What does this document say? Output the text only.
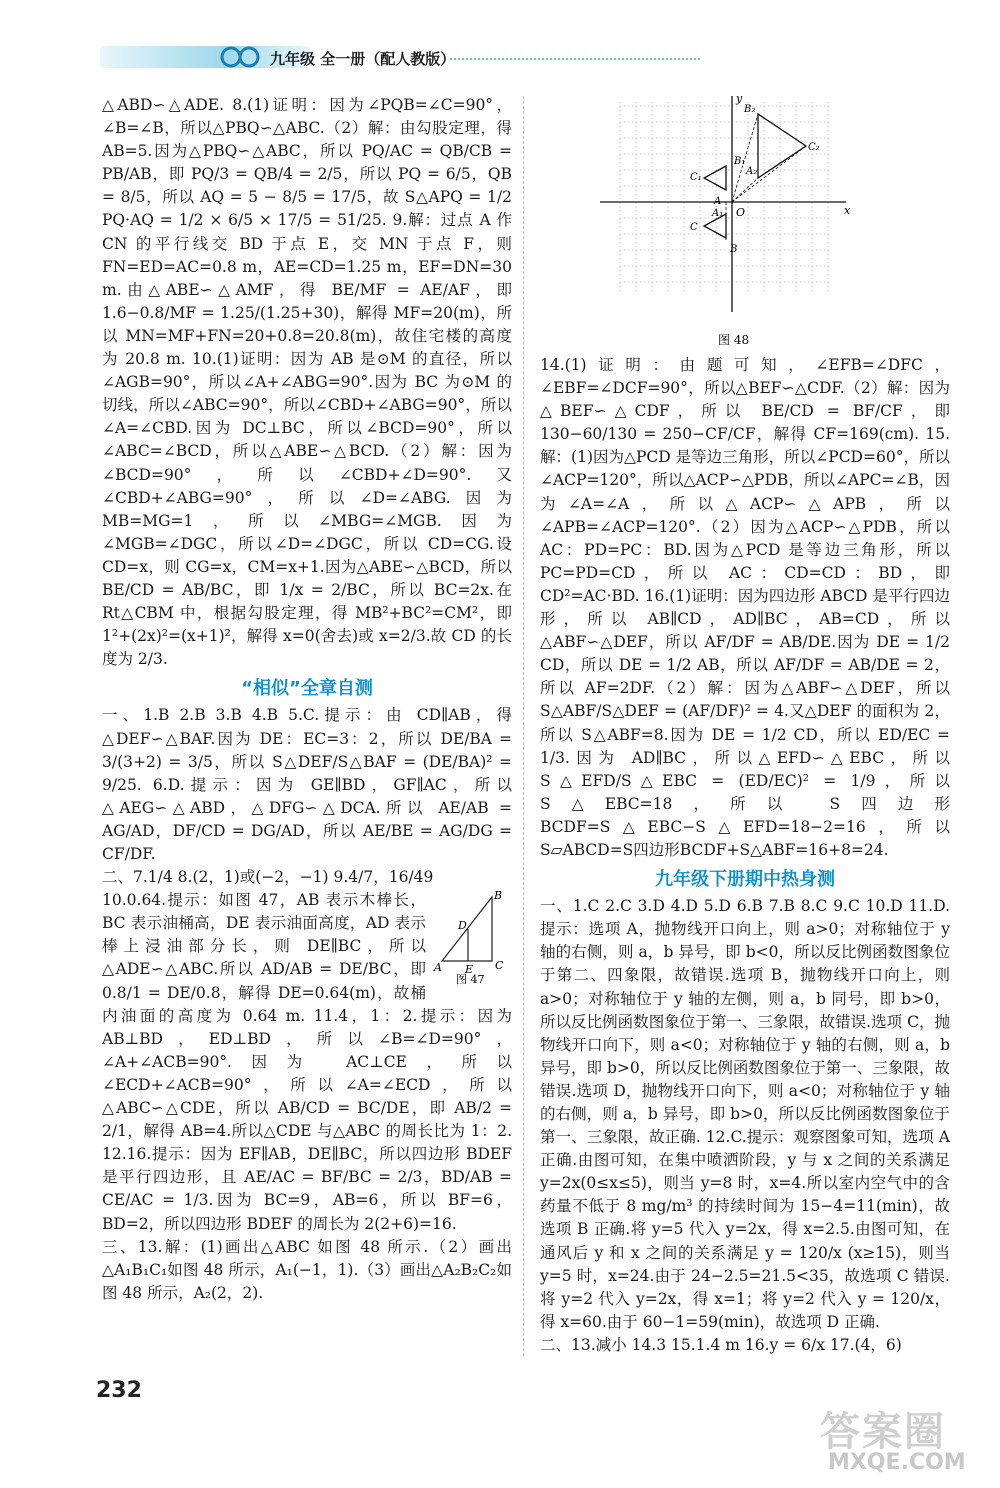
九年级 全一册（配人教版）

△ABD∽△ADE. 8.(1)证明：因为∠PQB=∠C=90°，∠B=∠B，所以△PBQ∽△ABC.（2）解：由勾股定理，得 AB=5.因为△PBQ∽△ABC，所以 PQ/AC = QB/CB = PB/AB，即 PQ/3 = QB/4 = 2/5，所以 PQ = 6/5，QB = 8/5，所以 AQ = 5 − 8/5 = 17/5，故 S△APQ = 1/2 PQ·AQ = 1/2 × 6/5 × 17/5 = 51/25. 9.解：过点 A 作 CN 的平行线交 BD 于点 E，交 MN 于点 F，则 FN=ED=AC=0.8 m，AE=CD=1.25 m，EF=DN=30 m.由△ABE∽△AMF，得 BE/MF = AE/AF，即 1.6−0.8/MF = 1.25/(1.25+30)，解得 MF=20(m)，所以 MN=MF+FN=20+0.8=20.8(m)，故住宅楼的高度为 20.8 m. 10.(1)证明：因为 AB 是⊙M 的直径，所以∠AGB=90°，所以∠A+∠ABG=90°.因为 BC 为⊙M 的切线，所以∠ABC=90°，所以∠CBD+∠ABG=90°，所以∠A=∠CBD.因为 DC⊥BC，所以∠BCD=90°，所以∠ABC=∠BCD，所以△ABE∽△BCD.（2）解：因为∠BCD=90°，所以∠CBD+∠D=90°.又∠CBD+∠ABG=90°，所以∠D=∠ABG.因为 MB=MG=1，所以∠MBG=∠MGB.因为∠MGB=∠DGC，所以∠D=∠DGC，所以 CD=CG.设 CD=x，则 CG=x，CM=x+1.因为△ABE∽△BCD，所以 BE/CD = AB/BC，即 1/x = 2/BC，所以 BC=2x.在 Rt△CBM 中，根据勾股定理，得 MB²+BC²=CM²，即 1²+(2x)²=(x+1)²，解得 x=0(舍去)或 x=2/3.故 CD 的长度为 2/3.

“相似”全章自测

一、1.B 2.B 3.B 4.B 5.C.提示：由 CD∥AB，得△DEF∽△BAF.因为 DE：EC=3：2，所以 DE/BA = 3/(3+2) = 3/5，所以 S△DEF/S△BAF = (DE/BA)² = 9/25. 6.D.提示：因为 GE∥BD，GF∥AC，所以△AEG∽△ABD，△DFG∽△DCA.所以 AE/AB = AG/AD，DF/CD = DG/AD，所以 AE/BE = AG/DG = CF/DF.

二、7.1/4 8.(2，1)或(−2，−1) 9.4/7，16/49

B
D
A E C
图 47
10.0.64.提示：如图 47，AB 表示木棒长，BC 表示油桶高，DE 表示油面高度，AD 表示棒上浸油部分长，则 DE∥BC，所以△ADE∽△ABC.所以 AD/AB = DE/BC，即 0.8/1 = DE/0.8，解得 DE=0.64(m)，故桶内油面的高度为 0.64 m. 11.4，1：2.提示：因为 AB⊥BD，ED⊥BD，所以∠B=∠D=90°，∠A+∠ACB=90°.因为 AC⊥CE，所以∠ECD+∠ACB=90°，所以∠A=∠ECD，所以△ABC∽△CDE，所以 AB/CD = BC/DE，即 AB/2 = 2/1，解得 AB=4.所以△CDE 与△ABC 的周长比为 1：2. 12.16.提示：因为 EF∥AB，DE∥BC，所以四边形 BDEF 是平行四边形，且 AE/AC = BF/BC = 2/3，BD/AB = CE/AC = 1/3.因为 BC=9，AB=6，所以 BF=6，BD=2，所以四边形 BDEF 的周长为 2(2+6)=16.

三、13.解：(1)画出△ABC 如图 48 所示.（2）画出△A₁B₁C₁如图 48 所示，A₁(−1，1).（3）画出△A₂B₂C₂如图 48 所示，A₂(2，2).

y
x
O
A
A₁
A₂
B₂
B₁
B
C₂
C₁
C
图 48

14.(1)证明：由题可知，∠EFB=∠DFC，∠EBF=∠DCF=90°，所以△BEF∽△CDF.（2）解：因为△BEF∽△CDF，所以 BE/CD = BF/CF，即 130−60/130 = 250−CF/CF，解得 CF=169(cm). 15.解：(1)因为△PCD 是等边三角形，所以∠PCD=60°，所以∠ACP=120°，所以△ACP∽△PDB，所以∠APC=∠B，因为∠A=∠A，所以△ACP∽△APB，所以∠APB=∠ACP=120°.（2）因为△ACP∽△PDB，所以 AC：PD=PC：BD.因为△PCD 是等边三角形，所以 PC=PD=CD，所以 AC：CD=CD：BD，即 CD²=AC·BD. 16.(1)证明：因为四边形 ABCD 是平行四边形，所以 AB∥CD，AD∥BC，AB=CD，所以△ABF∽△DEF，所以 AF/DF = AB/DE.因为 DE = 1/2 CD，所以 DE = 1/2 AB，所以 AF/DF = AB/DE = 2，所以 AF=2DF.（2）解：因为△ABF∽△DEF，所以 S△ABF/S△DEF = (AF/DF)² = 4.又△DEF 的面积为 2，所以 S△ABF=8.因为 DE = 1/2 CD，所以 ED/EC = 1/3.因为 AD∥BC，所以△EFD∽△EBC，所以 S△EFD/S△EBC = (ED/EC)² = 1/9，所以 S△EBC=18，所以 S四边形BCDF=S△EBC−S△EFD=18−2=16，所以 S▱ABCD=S四边形BCDF+S△ABF=16+8=24.

九年级下册期中热身测

一、1.C 2.C 3.D 4.D 5.D 6.B 7.B 8.C 9.C 10.D 11.D.提示：选项 A，抛物线开口向上，则 a>0；对称轴位于 y 轴的右侧，则 a，b 异号，即 b<0，所以反比例函数图象位于第二、四象限，故错误.选项 B，抛物线开口向上，则 a>0；对称轴位于 y 轴的左侧，则 a，b 同号，即 b>0，所以反比例函数图象位于第一、三象限，故错误.选项 C，抛物线开口向下，则 a<0；对称轴位于 y 轴的右侧，则 a，b 异号，即 b>0，所以反比例函数图象位于第一、三象限，故错误.选项 D，抛物线开口向下，则 a<0；对称轴位于 y 轴的右侧，则 a，b 异号，即 b>0，所以反比例函数图象位于第一、三象限，故正确. 12.C.提示：观察图象可知，选项 A 正确.由图可知，在集中喷洒阶段，y 与 x 之间的关系满足 y=2x(0≤x≤5)，则当 y=8 时，x=4.所以室内空气中的含药量不低于 8 mg/m³ 的持续时间为 15−4=11(min)，故选项 B 正确.将 y=5 代入 y=2x，得 x=2.5.由图可知，在通风后 y 和 x 之间的关系满足 y = 120/x (x≥15)，则当 y=5 时，x=24.由于 24−2.5=21.5<35，故选项 C 错误.将 y=2 代入 y=2x，得 x=1；将 y=2 代入 y = 120/x，得 x=60.由于 60−1=59(min)，故选项 D 正确.

二、13.减小 14.3 15.1.4 m 16.y = 6/x 17.(4，6)

232
答案圈
MXQE.COM
